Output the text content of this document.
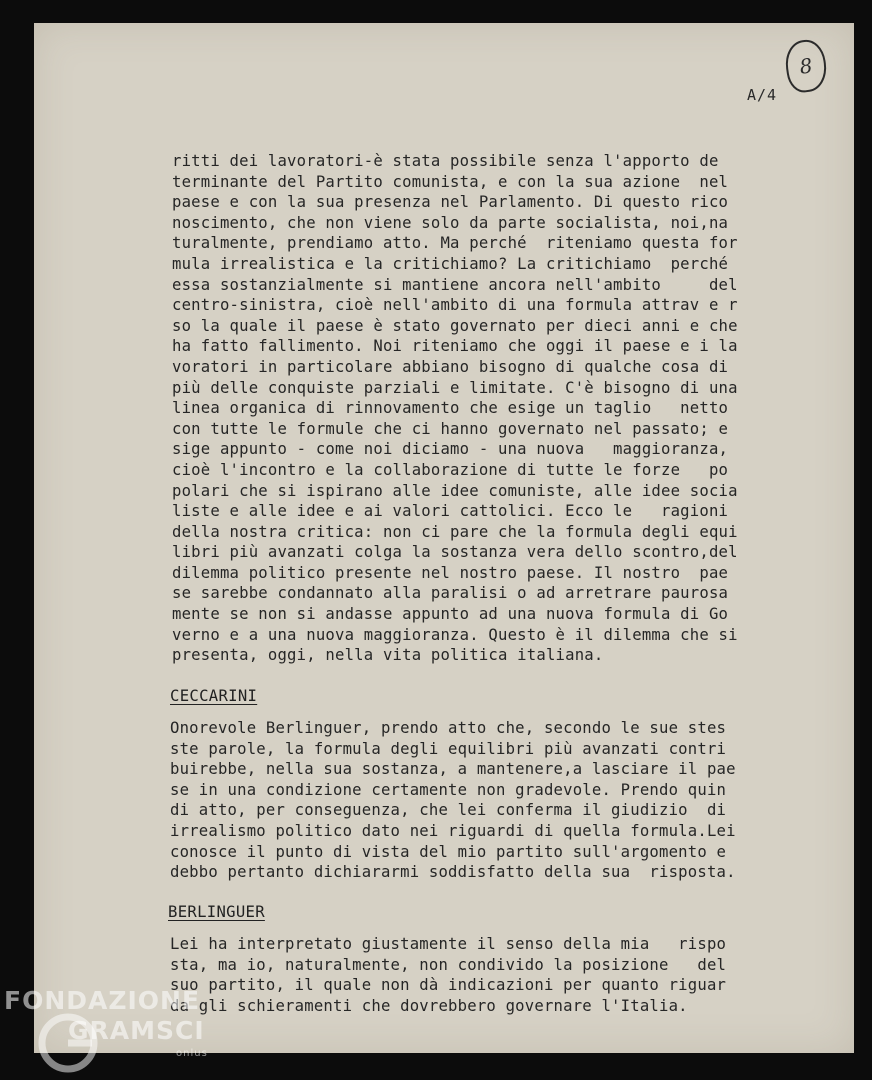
A/4
8
ritti dei lavoratori-è stata possibile senza l'apporto de
terminante del Partito comunista, e con la sua azione  nel
paese e con la sua presenza nel Parlamento. Di questo rico
noscimento, che non viene solo da parte socialista, noi,na
turalmente, prendiamo atto. Ma perché  riteniamo questa for
mula irrealistica e la critichiamo? La critichiamo  perché
essa sostanzialmente si mantiene ancora nell'ambito     del
centro-sinistra, cioè nell'ambito di una formula attrav e r
so la quale il paese è stato governato per dieci anni e che
ha fatto fallimento. Noi riteniamo che oggi il paese e i la
voratori in particolare abbiano bisogno di qualche cosa di
più delle conquiste parziali e limitate. C'è bisogno di una
linea organica di rinnovamento che esige un taglio   netto
con tutte le formule che ci hanno governato nel passato; e
sige appunto - come noi diciamo - una nuova   maggioranza,
cioè l'incontro e la collaborazione di tutte le forze   po
polari che si ispirano alle idee comuniste, alle idee socia
liste e alle idee e ai valori cattolici. Ecco le   ragioni
della nostra critica: non ci pare che la formula degli equi
libri più avanzati colga la sostanza vera dello scontro,del
dilemma politico presente nel nostro paese. Il nostro  pae
se sarebbe condannato alla paralisi o ad arretrare paurosa
mente se non si andasse appunto ad una nuova formula di Go
verno e a una nuova maggioranza. Questo è il dilemma che si
presenta, oggi, nella vita politica italiana.
CECCARINI
Onorevole Berlinguer, prendo atto che, secondo le sue stes
ste parole, la formula degli equilibri più avanzati contri
buirebbe, nella sua sostanza, a mantenere,a lasciare il pae
se in una condizione certamente non gradevole. Prendo quin
di atto, per conseguenza, che lei conferma il giudizio  di
irrealismo politico dato nei riguardi di quella formula.Lei
conosce il punto di vista del mio partito sull'argomento e
debbo pertanto dichiararmi soddisfatto della sua  risposta.
BERLINGUER
Lei ha interpretato giustamente il senso della mia   rispo
sta, ma io, naturalmente, non condivido la posizione   del
suo partito, il quale non dà indicazioni per quanto riguar
da gli schieramenti che dovrebbero governare l'Italia.
FONDAZIONE
GRAMSCI
onlus
